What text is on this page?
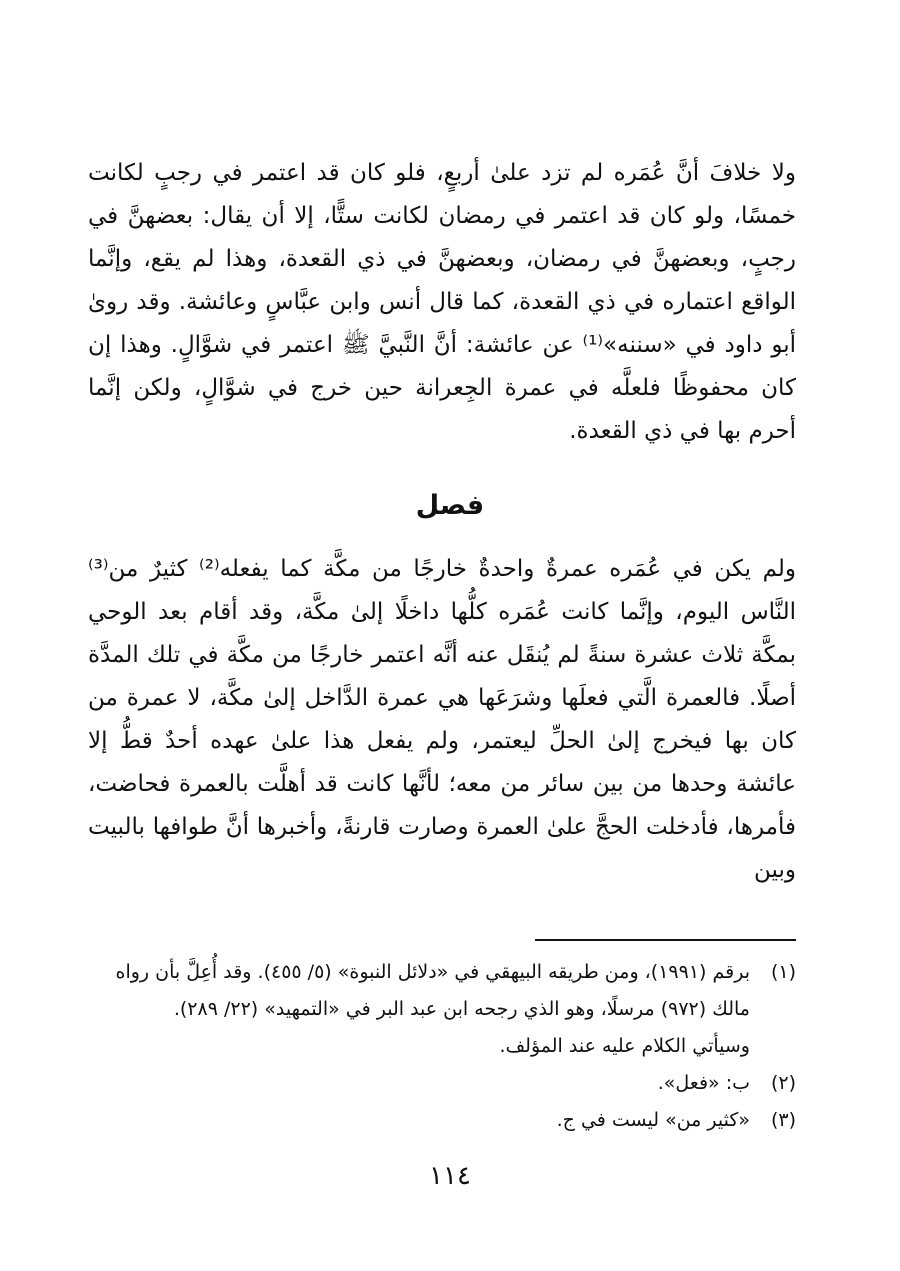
ولا خلافَ أنَّ عُمَره لم تزد علىٰ أربعٍ، فلو كان قد اعتمر في رجبٍ لكانت خمسًا، ولو كان قد اعتمر في رمضان لكانت ستًّا، إلا أن يقال: بعضهنَّ في رجبٍ، وبعضهنَّ في رمضان، وبعضهنَّ في ذي القعدة، وهذا لم يقع، وإنَّما الواقع اعتماره في ذي القعدة، كما قال أنس وابن عبَّاسٍ وعائشة. وقد روىٰ أبو داود في «سننه»⁽¹⁾ عن عائشة: أنَّ النَّبيَّ ﷺ اعتمر في شوَّالٍ. وهذا إن كان محفوظًا فلعلَّه في عمرة الجِعرانة حين خرج في شوَّالٍ، ولكن إنَّما أحرم بها في ذي القعدة.

فصل

ولم يكن في عُمَره عمرةٌ واحدةٌ خارجًا من مكَّة كما يفعله⁽²⁾ كثيرٌ من⁽³⁾ النَّاس اليوم، وإنَّما كانت عُمَره كلُّها داخلًا إلىٰ مكَّة، وقد أقام بعد الوحي بمكَّة ثلاث عشرة سنةً لم يُنقَل عنه أنَّه اعتمر خارجًا من مكَّة في تلك المدَّة أصلًا. فالعمرة الَّتي فعلَها وشرَعَها هي عمرة الدَّاخل إلىٰ مكَّة، لا عمرة من كان بها فيخرج إلىٰ الحلِّ ليعتمر، ولم يفعل هذا علىٰ عهده أحدٌ قطُّ إلا عائشة وحدها من بين سائر من معه؛ لأنَّها كانت قد أهلَّت بالعمرة فحاضت، فأمرها، فأدخلت الحجَّ علىٰ العمرة وصارت قارنةً، وأخبرها أنَّ طوافها بالبيت وبين

(١)
برقم (١٩٩١)، ومن طريقه البيهقي في «دلائل النبوة» (٥/ ٤٥٥). وقد أُعِلَّ بأن رواه
مالك (٩٧٢) مرسلًا، وهو الذي رجحه ابن عبد البر في «التمهيد» (٢٢/ ٢٨٩).
وسيأتي الكلام عليه عند المؤلف.
(٢)
ب: «فعل».
(٣)
«كثير من» ليست في ج.
١١٤
